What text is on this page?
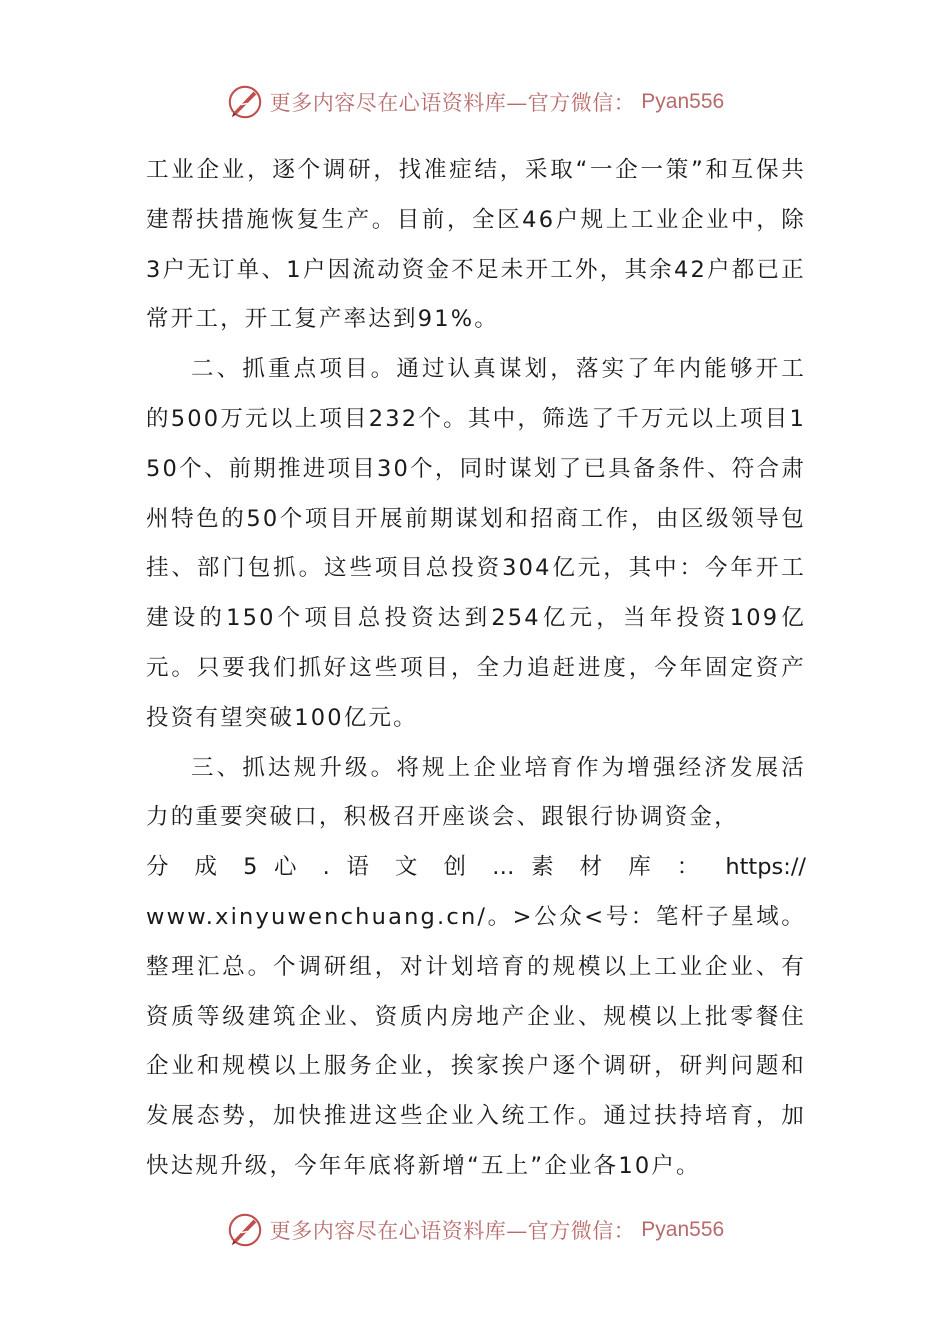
更多内容尽在心语资料库—官方微信： Pyan556

工业企业，逐个调研，找准症结，采取“一企一策”和互保共建帮扶措施恢复生产。目前，全区46户规上工业企业中，除3户无订单、1户因流动资金不足未开工外，其余42户都已正常开工，开工复产率达到91%。

二、抓重点项目。通过认真谋划，落实了年内能够开工的500万元以上项目232个。其中，筛选了千万元以上项目150个、前期推进项目30个，同时谋划了已具备条件、符合肃州特色的50个项目开展前期谋划和招商工作，由区级领导包挂、部门包抓。这些项目总投资304亿元，其中：今年开工建设的150个项目总投资达到254亿元，当年投资109亿元。只要我们抓好这些项目，全力追赶进度，今年固定资产投资有望突破100亿元。

三、抓达规升级。将规上企业培育作为增强经济发展活力的重要突破口，积极召开座谈会、跟银行协调资金，

分 成 5 心 . 语 文 创 … 素 材 库 ： https://

www.xinyuwenchuang.cn/。>公众<号：笔杆子星域。整理汇总。个调研组，对计划培育的规模以上工业企业、有资质等级建筑企业、资质内房地产企业、规模以上批零餐住企业和规模以上服务企业，挨家挨户逐个调研，研判问题和发展态势，加快推进这些企业入统工作。通过扶持培育，加快达规升级，今年年底将新增“五上”企业各10户。

更多内容尽在心语资料库—官方微信： Pyan556
